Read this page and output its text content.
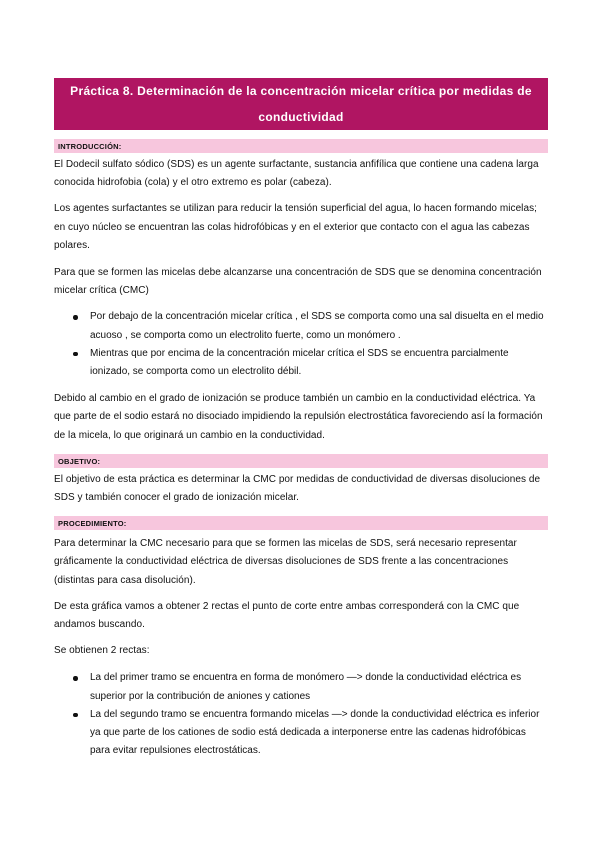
Práctica 8. Determinación de la concentración micelar crítica por medidas de
conductividad
INTRODUCCIÓN:

El Dodecil sulfato sódico (SDS) es un agente surfactante, sustancia anfifílica que contiene una cadena larga conocida hidrofobia (cola) y el otro extremo es polar (cabeza).

Los agentes surfactantes se utilizan para reducir la tensión superficial del agua, lo hacen formando micelas; en cuyo núcleo se encuentran las colas hidrofóbicas y en el exterior que contacto con el agua las cabezas polares.

Para que se formen las micelas debe alcanzarse una concentración de SDS que se denomina concentración micelar crítica (CMC)

Por debajo de la concentración micelar crítica , el SDS se comporta como una sal disuelta en el medio acuoso , se comporta como un electrolito fuerte, como un monómero .
Mientras que por encima de la concentración micelar crítica el SDS se encuentra parcialmente ionizado, se comporta como un electrolito débil.

Debido al cambio en el grado de ionización se produce también un cambio en la conductividad eléctrica. Ya que parte de el sodio estará no disociado impidiendo la repulsión electrostática favoreciendo así la formación de la micela, lo que originará un cambio en la conductividad.

OBJETIVO:

El objetivo de esta práctica es determinar la CMC por medidas de conductividad de diversas disoluciones de SDS y también conocer el grado de ionización micelar.

PROCEDIMIENTO:

Para determinar la CMC necesario para que se formen las micelas de SDS, será necesario representar gráficamente la conductividad eléctrica de diversas disoluciones de SDS frente a las concentraciones (distintas para casa disolución).

De esta gráfica vamos a obtener 2 rectas el punto de corte entre ambas corresponderá con la CMC que andamos buscando.

Se obtienen 2 rectas:

La del primer tramo se encuentra en forma de monómero —> donde la conductividad eléctrica es superior por la contribución de aniones y cationes
La del segundo tramo se encuentra formando micelas —> donde la conductividad eléctrica es inferior ya que parte de los cationes de sodio está dedicada a interponerse entre las cadenas hidrofóbicas para evitar repulsiones electrostáticas.
